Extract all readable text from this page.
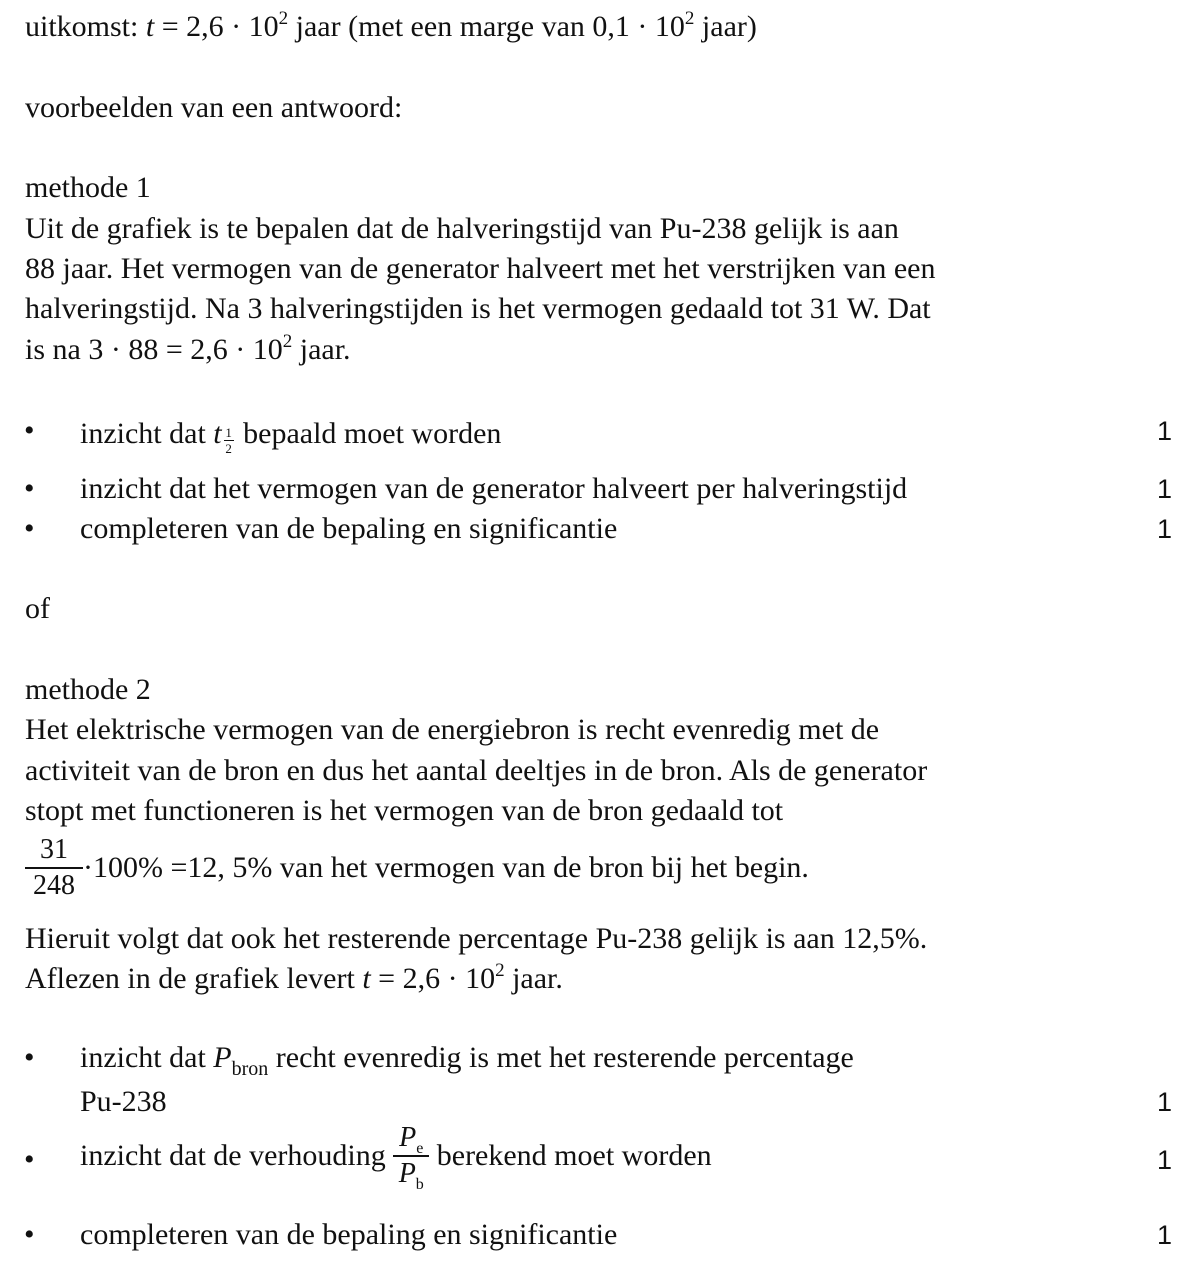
uitkomst: $t = 2,6 \cdot 10^2$ jaar (met een marge van $0,1 \cdot 10^2$ jaar)
voorbeelden van een antwoord:
methode 1
Uit de grafiek is te bepalen dat de halveringstijd van Pu-238 gelijk is aan
88 jaar. Het vermogen van de generator halveert met het verstrijken van een
halveringstijd. Na 3 halveringstijden is het vermogen gedaald tot 31 W. Dat
is na $3 \cdot 88 = 2,6 \cdot 10^2$ jaar.
• inzicht dat $t\frac{1}{2}$ bepaald moet worden	1
• inzicht dat het vermogen van de generator halveert per halveringstijd	1
• completeren van de bepaling en significantie	1
of
methode 2
Het elektrische vermogen van de energiebron is recht evenredig met de
activiteit van de bron en dus het aantal deeltjes in de bron. Als de generator
stopt met functioneren is het vermogen van de bron gedaald tot
$\frac{31}{248} \cdot 100\% =12$, 5% van het vermogen van de bron bij het begin.
Hieruit volgt dat ook het resterende percentage Pu-238 gelijk is aan 12,5%.
Aflezen in de grafiek levert $t = 2,6 \cdot 10^2$ jaar.
• inzicht dat $P_{bron}$ recht evenredig is met het resterende percentage
Pu-238	1
• inzicht dat de verhouding $\frac{P_e}{P_b}$ berekend moet worden	1
• completeren van de bepaling en significantie	1
